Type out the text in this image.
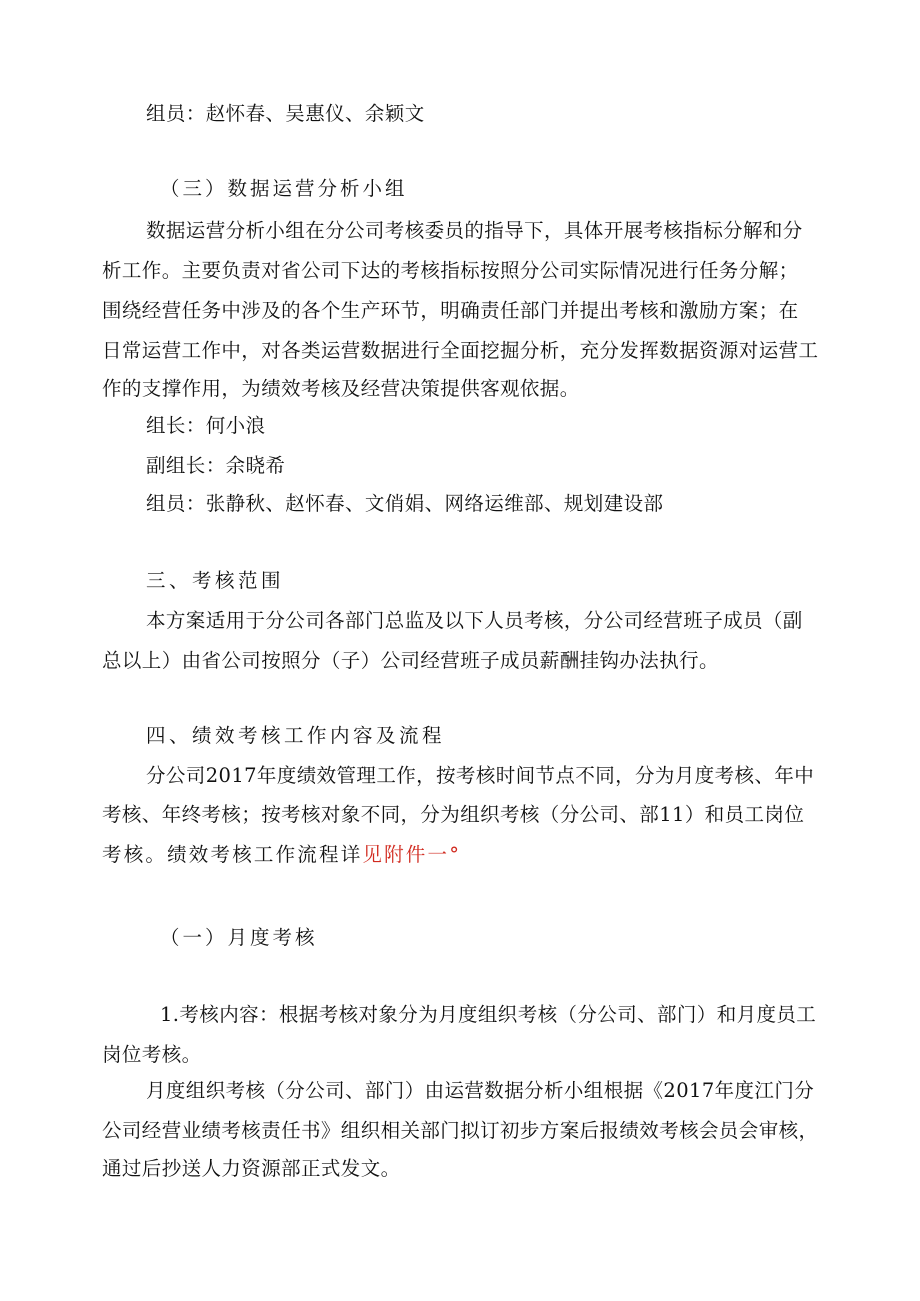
组员：赵怀春、吴惠仪、余颖文
（三）数据运营分析小组
数据运营分析小组在分公司考核委员的指导下，具体开展考核指标分解和分
析工作。主要负责对省公司下达的考核指标按照分公司实际情况进行任务分解；
围绕经营任务中涉及的各个生产环节，明确责任部门并提出考核和激励方案；在
日常运营工作中，对各类运营数据进行全面挖掘分析，充分发挥数据资源对运营工
作的支撑作用，为绩效考核及经营决策提供客观依据。
组长：何小浪
副组长：余晓希
组员：张静秋、赵怀春、文俏娟、网络运维部、规划建设部
三、考核范围
本方案适用于分公司各部门总监及以下人员考核，分公司经营班子成员（副
总以上）由省公司按照分（子）公司经营班子成员薪酬挂钩办法执行。
四、绩效考核工作内容及流程
分公司2017年度绩效管理工作，按考核时间节点不同，分为月度考核、年中
考核、年终考核；按考核对象不同，分为组织考核（分公司、部11）和员工岗位
考核。绩效考核工作流程详见附件一°
（一）月度考核
1.考核内容：根据考核对象分为月度组织考核（分公司、部门）和月度员工
岗位考核。
月度组织考核（分公司、部门）由运营数据分析小组根据《2017年度江门分
公司经营业绩考核责任书》组织相关部门拟订初步方案后报绩效考核会员会审核，
通过后抄送人力资源部正式发文。
